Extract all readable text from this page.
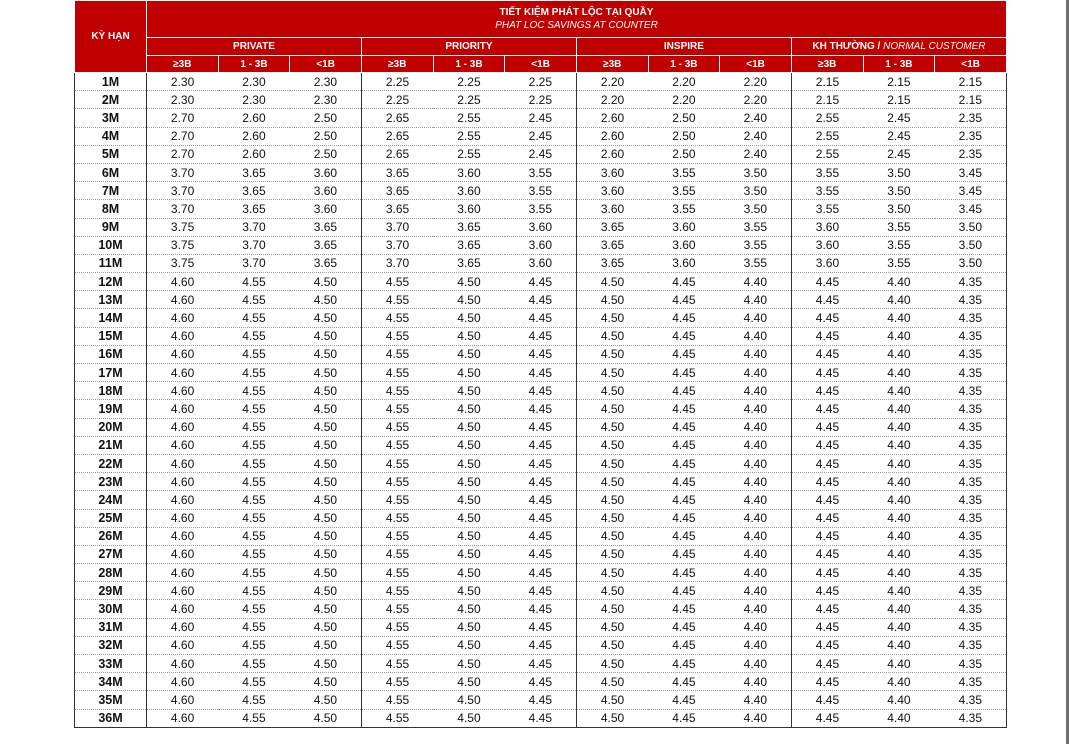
KỲ HẠN	TIẾT KIỆM PHÁT LỘC TẠI QUẦY
PHAT LOC SAVINGS AT COUNTER											

	PRIVATE			PRIORITY			INSPIRE			KH THƯỜNG / NORMAL CUSTOMER		
	≥3B	1 - 3B	<1B	≥3B	1 - 3B	<1B	≥3B	1 - 3B	<1B	≥3B	1 - 3B	<1B
1M	2.30	2.30	2.30	2.25	2.25	2.25	2.20	2.20	2.20	2.15	2.15	2.15
2M	2.30	2.30	2.30	2.25	2.25	2.25	2.20	2.20	2.20	2.15	2.15	2.15
3M	2.70	2.60	2.50	2.65	2.55	2.45	2.60	2.50	2.40	2.55	2.45	2.35
4M	2.70	2.60	2.50	2.65	2.55	2.45	2.60	2.50	2.40	2.55	2.45	2.35
5M	2.70	2.60	2.50	2.65	2.55	2.45	2.60	2.50	2.40	2.55	2.45	2.35
6M	3.70	3.65	3.60	3.65	3.60	3.55	3.60	3.55	3.50	3.55	3.50	3.45
7M	3.70	3.65	3.60	3.65	3.60	3.55	3.60	3.55	3.50	3.55	3.50	3.45
8M	3.70	3.65	3.60	3.65	3.60	3.55	3.60	3.55	3.50	3.55	3.50	3.45
9M	3.75	3.70	3.65	3.70	3.65	3.60	3.65	3.60	3.55	3.60	3.55	3.50
10M	3.75	3.70	3.65	3.70	3.65	3.60	3.65	3.60	3.55	3.60	3.55	3.50
11M	3.75	3.70	3.65	3.70	3.65	3.60	3.65	3.60	3.55	3.60	3.55	3.50
12M	4.60	4.55	4.50	4.55	4.50	4.45	4.50	4.45	4.40	4.45	4.40	4.35
13M	4.60	4.55	4.50	4.55	4.50	4.45	4.50	4.45	4.40	4.45	4.40	4.35
14M	4.60	4.55	4.50	4.55	4.50	4.45	4.50	4.45	4.40	4.45	4.40	4.35
15M	4.60	4.55	4.50	4.55	4.50	4.45	4.50	4.45	4.40	4.45	4.40	4.35
16M	4.60	4.55	4.50	4.55	4.50	4.45	4.50	4.45	4.40	4.45	4.40	4.35
17M	4.60	4.55	4.50	4.55	4.50	4.45	4.50	4.45	4.40	4.45	4.40	4.35
18M	4.60	4.55	4.50	4.55	4.50	4.45	4.50	4.45	4.40	4.45	4.40	4.35
19M	4.60	4.55	4.50	4.55	4.50	4.45	4.50	4.45	4.40	4.45	4.40	4.35
20M	4.60	4.55	4.50	4.55	4.50	4.45	4.50	4.45	4.40	4.45	4.40	4.35
21M	4.60	4.55	4.50	4.55	4.50	4.45	4.50	4.45	4.40	4.45	4.40	4.35
22M	4.60	4.55	4.50	4.55	4.50	4.45	4.50	4.45	4.40	4.45	4.40	4.35
23M	4.60	4.55	4.50	4.55	4.50	4.45	4.50	4.45	4.40	4.45	4.40	4.35
24M	4.60	4.55	4.50	4.55	4.50	4.45	4.50	4.45	4.40	4.45	4.40	4.35
25M	4.60	4.55	4.50	4.55	4.50	4.45	4.50	4.45	4.40	4.45	4.40	4.35
26M	4.60	4.55	4.50	4.55	4.50	4.45	4.50	4.45	4.40	4.45	4.40	4.35
27M	4.60	4.55	4.50	4.55	4.50	4.45	4.50	4.45	4.40	4.45	4.40	4.35
28M	4.60	4.55	4.50	4.55	4.50	4.45	4.50	4.45	4.40	4.45	4.40	4.35
29M	4.60	4.55	4.50	4.55	4.50	4.45	4.50	4.45	4.40	4.45	4.40	4.35
30M	4.60	4.55	4.50	4.55	4.50	4.45	4.50	4.45	4.40	4.45	4.40	4.35
31M	4.60	4.55	4.50	4.55	4.50	4.45	4.50	4.45	4.40	4.45	4.40	4.35
32M	4.60	4.55	4.50	4.55	4.50	4.45	4.50	4.45	4.40	4.45	4.40	4.35
33M	4.60	4.55	4.50	4.55	4.50	4.45	4.50	4.45	4.40	4.45	4.40	4.35
34M	4.60	4.55	4.50	4.55	4.50	4.45	4.50	4.45	4.40	4.45	4.40	4.35
35M	4.60	4.55	4.50	4.55	4.50	4.45	4.50	4.45	4.40	4.45	4.40	4.35
36M	4.60	4.55	4.50	4.55	4.50	4.45	4.50	4.45	4.40	4.45	4.40	4.35
